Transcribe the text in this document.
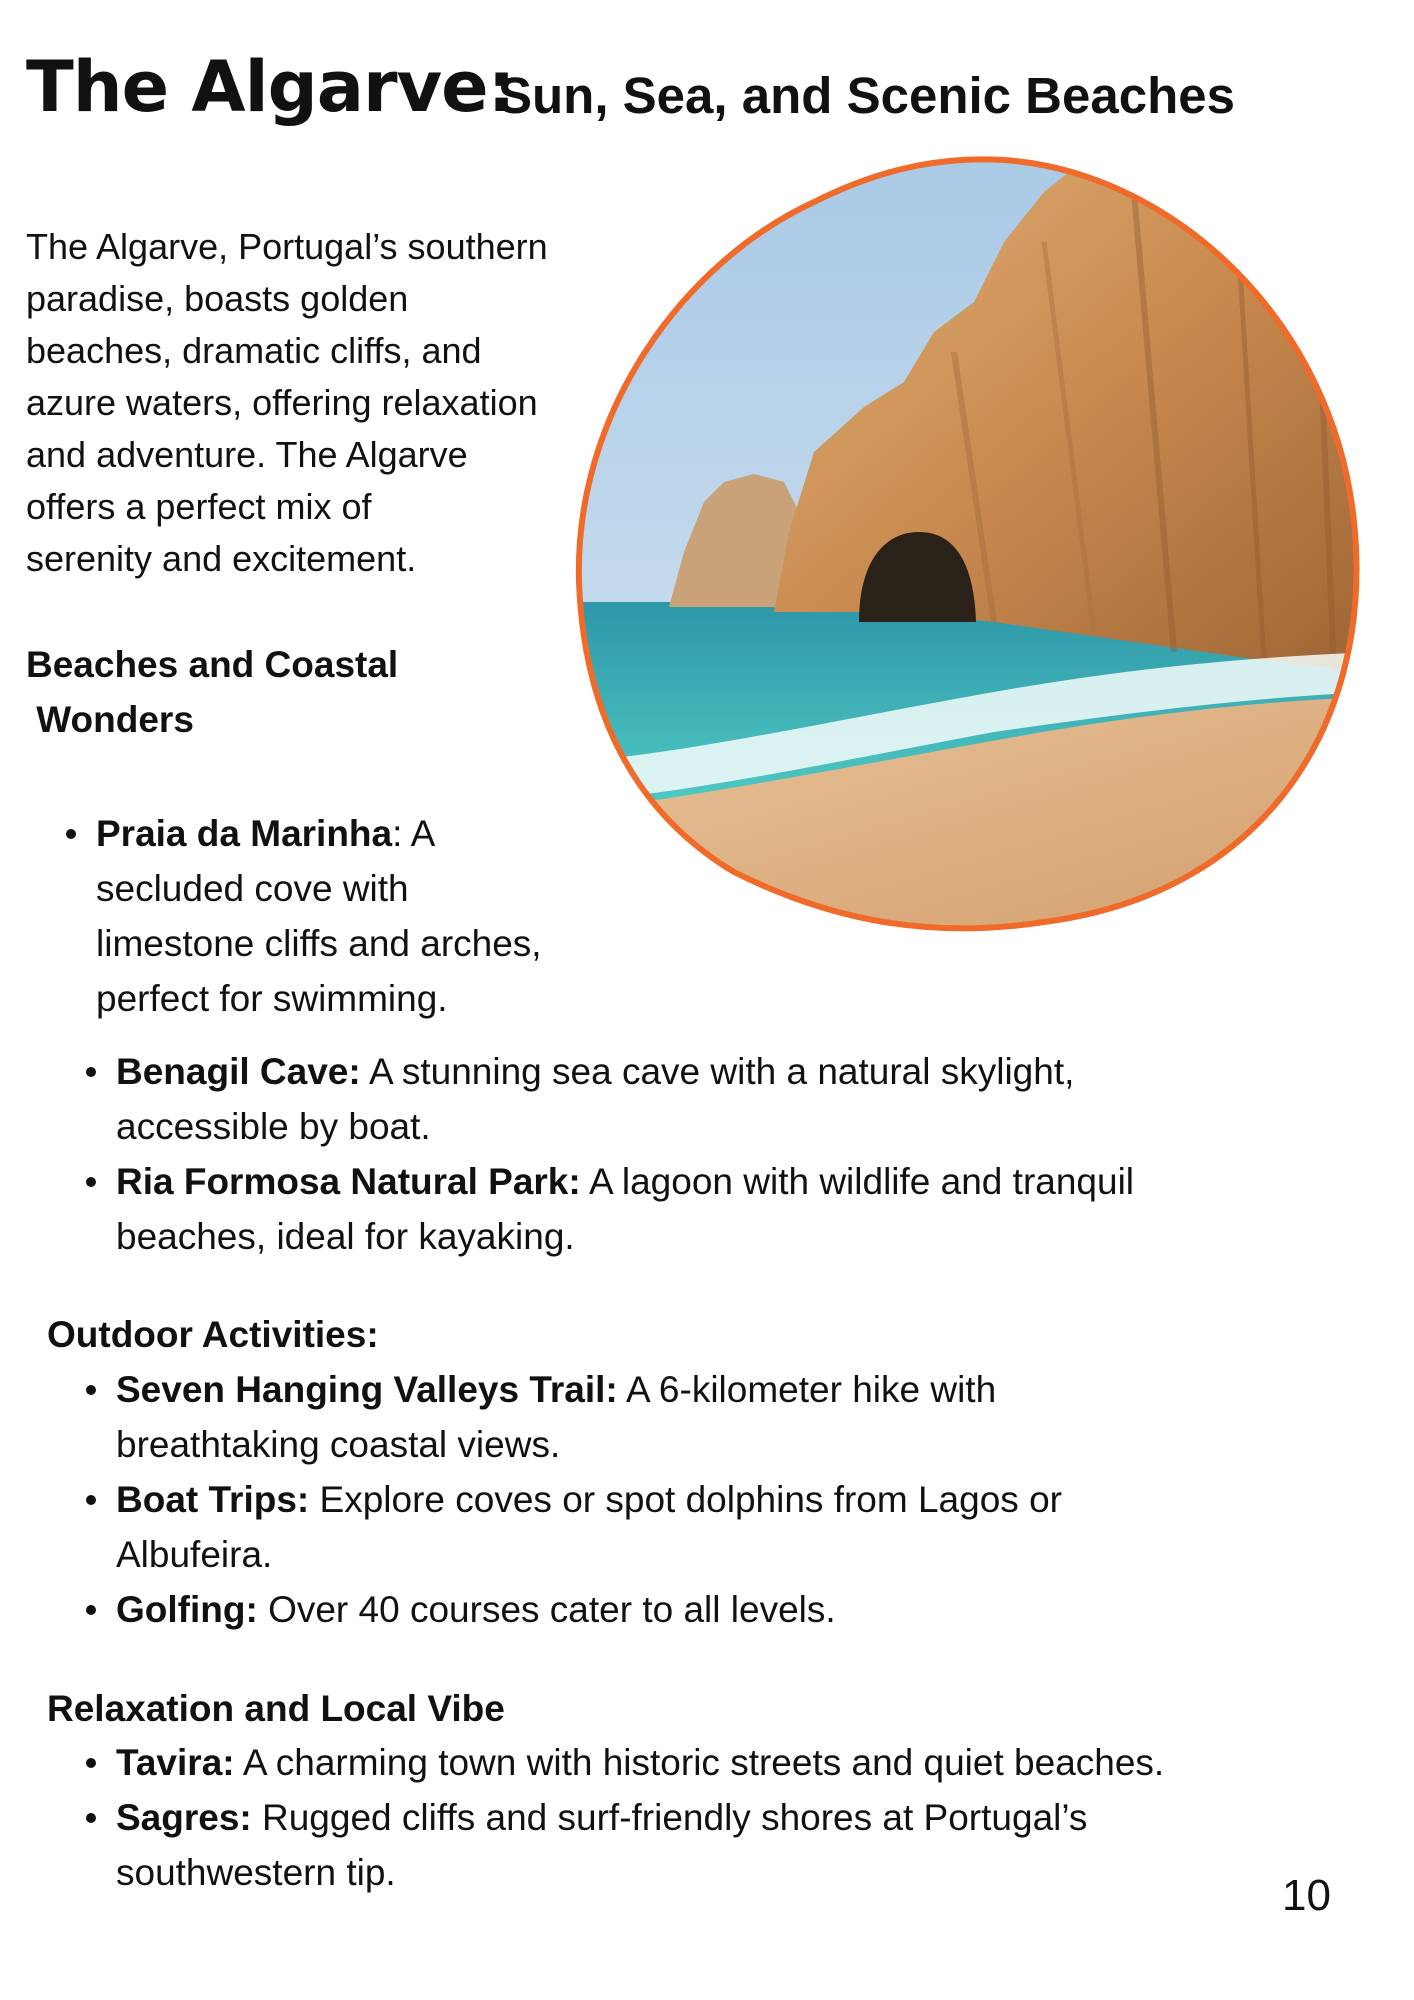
The Algarve:
Sun, Sea, and Scenic Beaches

The Algarve, Portugal’s southern
paradise, boasts golden
beaches, dramatic cliffs, and
azure waters, offering relaxation
and adventure. The Algarve
offers a perfect mix of
serenity and excitement.

Beaches and Coastal
Wonders
Praia da Marinha: A
secluded cove with
limestone cliffs and arches,
perfect for swimming.
Benagil Cave: A stunning sea cave with a natural skylight,
accessible by boat.
Ria Formosa Natural Park: A lagoon with wildlife and tranquil
beaches, ideal for kayaking.
Outdoor Activities:
Seven Hanging Valleys Trail: A 6-kilometer hike with
breathtaking coastal views.
Boat Trips: Explore coves or spot dolphins from Lagos or
Albufeira.
Golfing: Over 40 courses cater to all levels.
Relaxation and Local Vibe
Tavira: A charming town with historic streets and quiet beaches.
Sagres: Rugged cliffs and surf-friendly shores at Portugal’s
southwestern tip.	10
